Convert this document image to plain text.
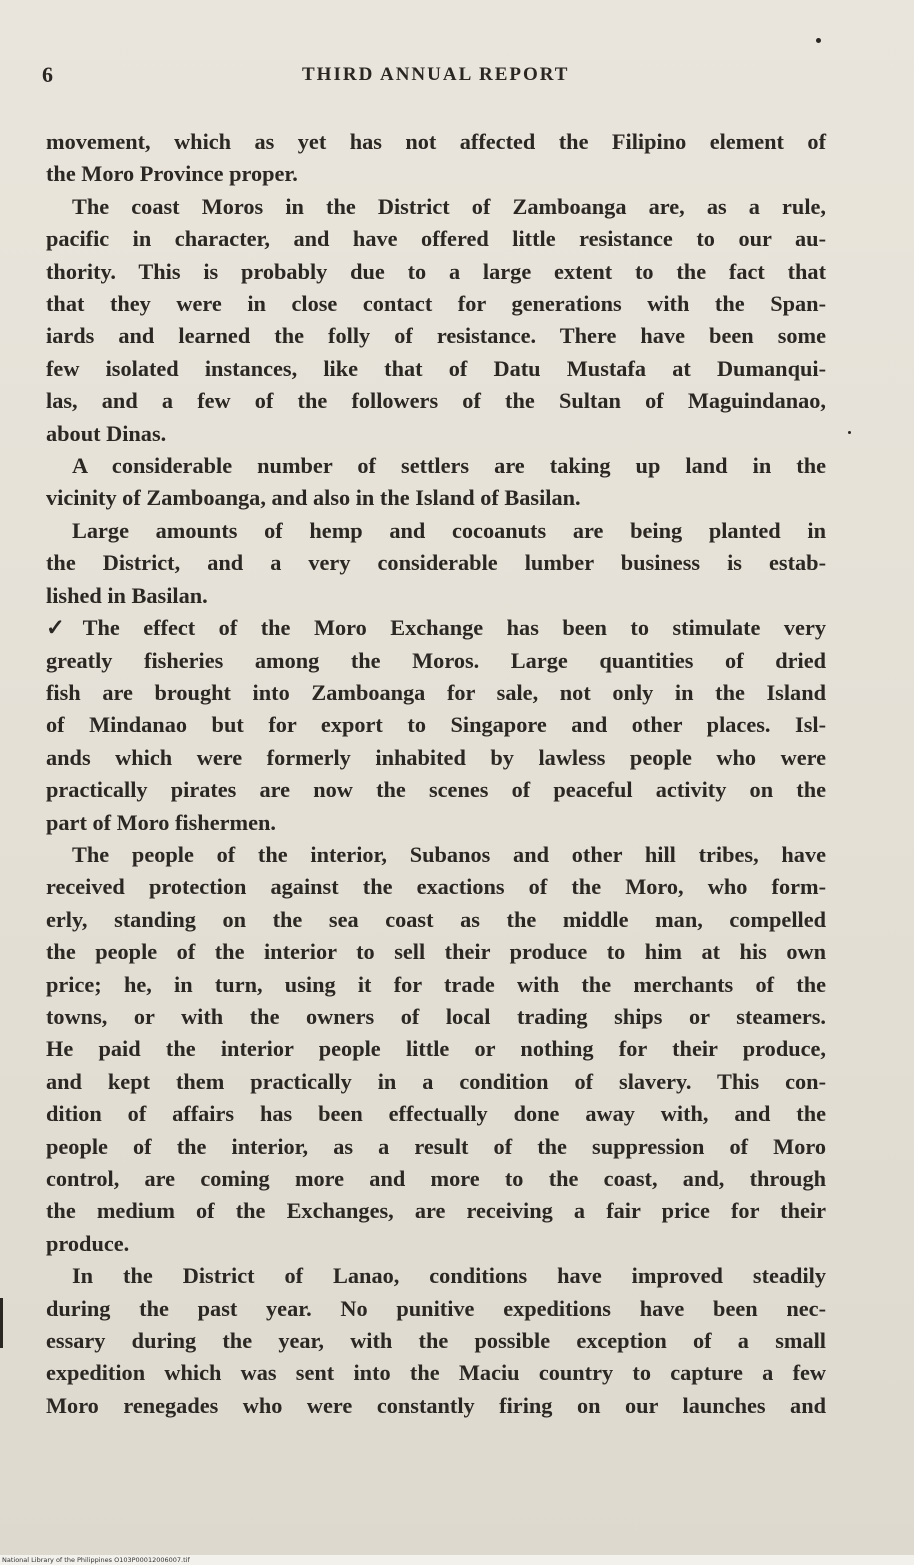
6	THIRD ANNUAL REPORT
movement, which as yet has not affected the Filipino element of
the Moro Province proper.
The coast Moros in the District of Zamboanga are, as a rule,
pacific in character, and have offered little resistance to our au-
thority. This is probably due to a large extent to the fact that
that they were in close contact for generations with the Span-
iards and learned the folly of resistance. There have been some
few isolated instances, like that of Datu Mustafa at Dumanqui-
las, and a few of the followers of the Sultan of Maguindanao,
about Dinas.
A considerable number of settlers are taking up land in the
vicinity of Zamboanga, and also in the Island of Basilan.
Large amounts of hemp and cocoanuts are being planted in
the District, and a very considerable lumber business is estab-
lished in Basilan.
✓The effect of the Moro Exchange has been to stimulate very
greatly fisheries among the Moros. Large quantities of dried
fish are brought into Zamboanga for sale, not only in the Island
of Mindanao but for export to Singapore and other places. Isl-
ands which were formerly inhabited by lawless people who were
practically pirates are now the scenes of peaceful activity on the
part of Moro fishermen.
The people of the interior, Subanos and other hill tribes, have
received protection against the exactions of the Moro, who form-
erly, standing on the sea coast as the middle man, compelled
the people of the interior to sell their produce to him at his own
price; he, in turn, using it for trade with the merchants of the
towns, or with the owners of local trading ships or steamers.
He paid the interior people little or nothing for their produce,
and kept them practically in a condition of slavery. This con-
dition of affairs has been effectually done away with, and the
people of the interior, as a result of the suppression of Moro
control, are coming more and more to the coast, and, through
the medium of the Exchanges, are receiving a fair price for their
produce.
In the District of Lanao, conditions have improved steadily
during the past year. No punitive expeditions have been nec-
essary during the year, with the possible exception of a small
expedition which was sent into the Maciu country to capture a few
Moro renegades who were constantly firing on our launches and
National Library of the Philippines O103P00012006007.tif
